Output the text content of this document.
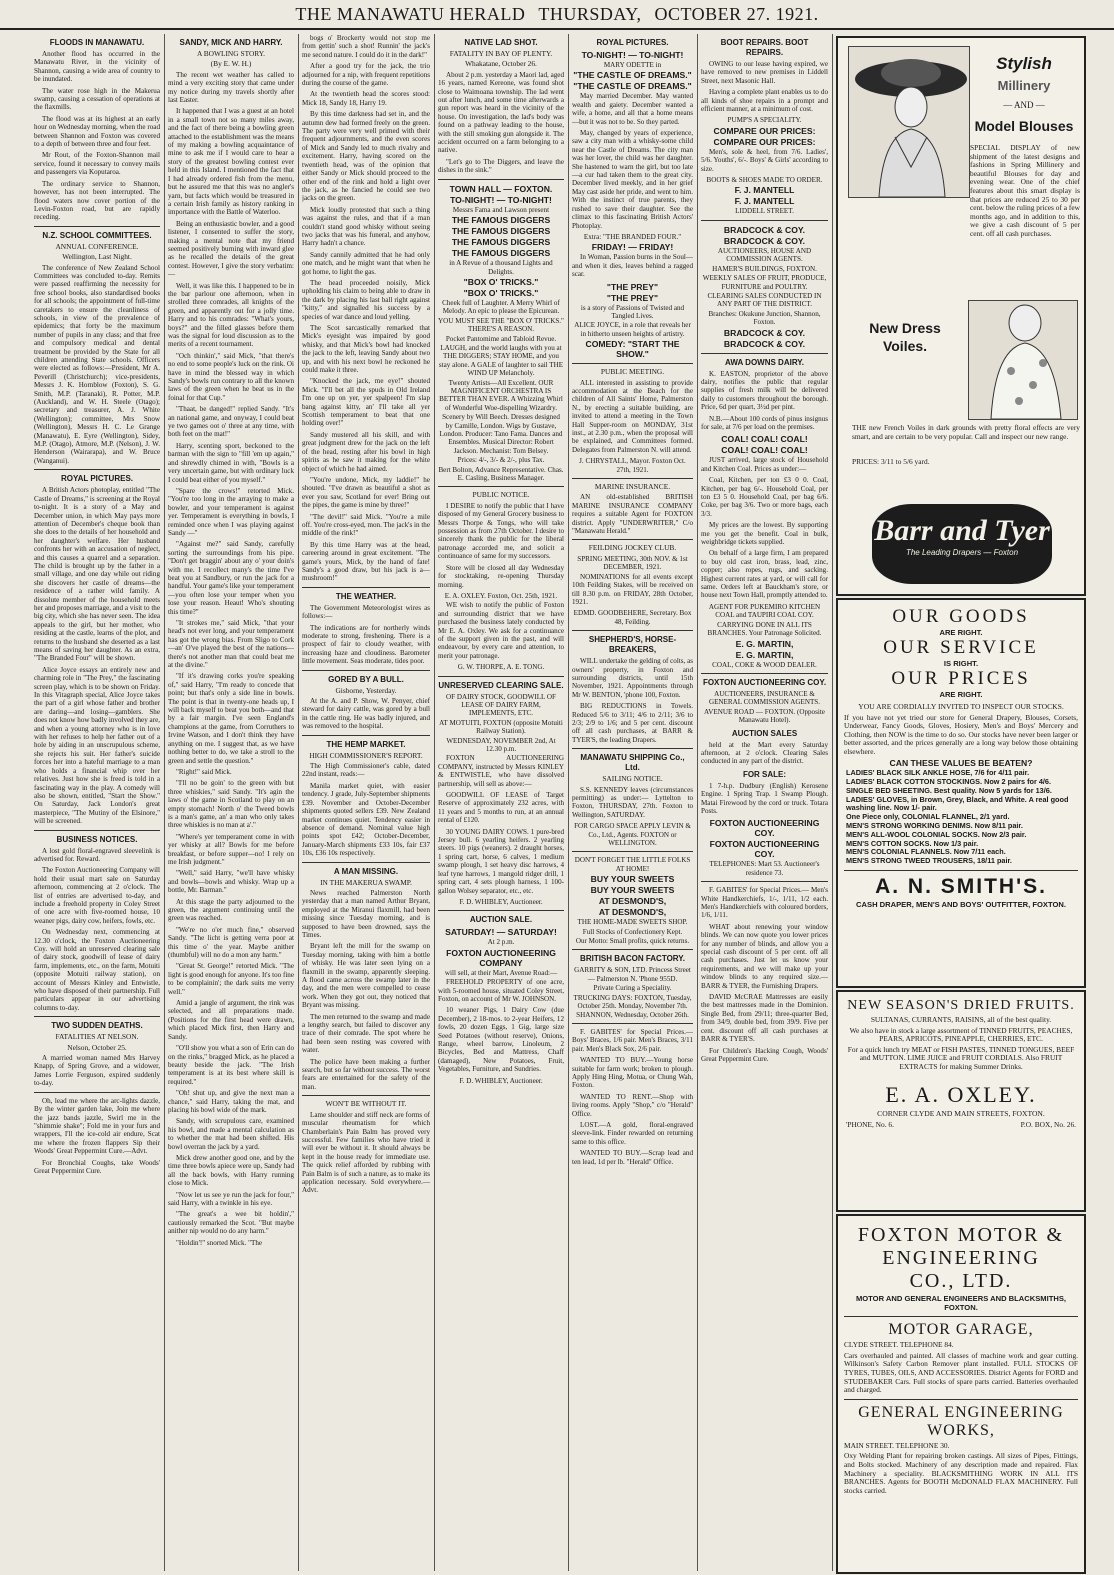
THE MANAWATU HERALD THURSDAY, OCTOBER 27. 1921.
FLOODS IN MANAWATU.

Another flood has occurred in the Manawatu River, in the vicinity of Shannon, causing a wide area of country to be inundated.

The water rose high in the Makerua swamp, causing a cessation of operations at the flaxmills.

The flood was at its highest at an early hour on Wednesday morning, when the road between Shannon and Foxton was covered to a depth of between three and four feet.

Mr Rout, of the Foxton-Shannon mail service, found it necessary to convey mails and passengers via Koputaroa.

The ordinary service to Shannon, however, has not been interrupted. The flood waters now cover portion of the Levin-Foxton road, but are rapidly receding.

N.Z. SCHOOL COMMITTEES.
ANNUAL CONFERENCE.
Wellington, Last Night.

The conference of New Zealand School Committees was concluded to-day. Remits were passed reaffirming the necessity for free school books, also standardised books for all schools; the appointment of full-time caretakers to ensure the cleanliness of schools, in view of the prevalence of epidemics; that forty be the maximum number of pupils in any class; and that free and compulsory medical and dental treatment be provided by the State for all children attending State schools. Officers were elected as follows:—President, Mr A. Peverill (Christchurch); vice-presidents, Messrs J. K. Hornblow (Foxton), S. G. Smith, M.P. (Taranaki), R. Potter, M.P. (Auckland), and W. H. Steele (Otago); secretary and treasurer, A. J. White (Wellington); committee, Mrs Snow (Wellington), Messrs H. C. Le Grange (Manawatu), E. Eyre (Wellington), Sidey, M.P. (Otago), Atmore, M.P. (Nelson), J. W. Henderson (Wairarapa), and W. Bruce (Wanganui).

ROYAL PICTURES.

A British Actors photoplay, entitled "The Castle of Dreams," is screening at the Royal to-night. It is a story of a May and December union, in which May pays more attention of December's cheque book than she does to the details of her household and her daughter's welfare. Her husband confronts her with an accusation of neglect, and this causes a quarrel and a separation. The child is brought up by the father in a small village, and one day while out riding she discovers her castle of dreams—the residence of a rather wild family. A dissolute member of the household meets her and proposes marriage, and a visit to the big city, which she has never seen. The idea appeals to the girl, but her mother, who residing at the castle, learns of the plot, and returns to the husband she deserted as a last means of saving her daughter. As an extra, "The Branded Four" will be shown.

Alice Joyce essays an entirely new and charming role in "The Prey," the fascinating screen play, which is to be shown on Friday. In this Vitagraph special, Alice Joyce takes the part of a girl whose father and brother are daring—and losing—gamblers. She does not know how badly involved they are, and when a young attorney who is in love with her refuses to help her father out of a hole by aiding in an unscrupulous scheme, she rejects his suit. Her father's suicide forces her into a hateful marriage to a man who holds a financial whip over her relatives. Just how she is freed is told in a fascinating way in the play. A comedy will also be shown, entitled, "Start the Show." On Saturday, Jack London's great masterpiece, "The Mutiny of the Elsinore," will be screened.

BUSINESS NOTICES.

A lost gold floral-engraved sleevelink is advertised for. Reward.

The Foxton Auctioneering Company will hold their usual mart sale on Saturday afternoon, commencing at 2 o'clock. The list of entries are advertised to-day, and include a freehold property in Coley Street of one acre with five-roomed house, 10 weaner pigs, dairy cow, heifers, fowls, etc.

On Wednesday next, commencing at 12.30 o'clock, the Foxton Auctioneering Coy. will hold an unreserved clearing sale of dairy stock, goodwill of lease of dairy farm, implements, etc., on the farm, Motuiti (opposite Motuiti railway station), on account of Messrs Kinley and Entwistle, who have disposed of their partnership. Full particulars appear in our advertising columns to-day.

TWO SUDDEN DEATHS.
FATALITIES AT NELSON.
Nelson, October 25.

A married woman named Mrs Harvey Knapp, of Spring Grove, and a widower, James Lorrie Ferguson, expired suddenly to-day.

Oh, lead me where the arc-lights dazzle, By the winter garden lake, Join me where the jazz bands jazzle, Swirl me in the "shimmie shake"; Fold me in your furs and wrappers, I'll the ice-cold air endure, Scat me where the frozen flappers Sip their Woods' Great Peppermint Cure.—Advt.

For Bronchial Coughs, take Woods' Great Peppermint Cure.

SANDY, MICK AND HARRY.
A BOWLING STORY.
(By E. W. H.)

The recent wet weather has called to mind a very exciting story that came under my notice during my travels shortly after last Easter.

It happened that I was a guest at an hotel in a small town not so many miles away, and the fact of there being a bowling green attached to the establishment was the means of my making a bowling acquaintance of mine to ask me if I would care to hear a story of the greatest bowling contest ever held in this Island. I mentioned the fact that I had already ordered fish from the menu, but he assured me that this was no angler's yarn, but facts which would be treasured in a certain Irish family as history ranking in importance with the Battle of Waterloo.

Being an enthusiastic bowler, and a good listener, I consented to suffer the story, making a mental note that my friend seemed positively burning with inward glee as he recalled the details of the great contest. However, I give the story verbatim:—

Well, it was like this. I happened to be in the bar parlour one afternoon, when in strolled three comrades, all knights of the green, and apparently out for a jolly time. Harry and to his comrades: "What's yours, boys?" and the filled glasses before them was the signal for loud discussion as to the merits of a recent tournament.

"Och thinkin'," said Mick, "that there's no end to some people's luck on the rink. Oi have in mind the blessed way in which Sandy's bowls run contrary to all the known laws of the green when he beat us in the foinal for that Cup."

"Thaat, be danged!" replied Sandy. "It's an national game, and onyway, I could beat ye two games oot o' three at any time, with both feet on the mat!"

Harry, scenting sport, beckoned to the barman with the sign to "fill 'em up again," and shrewdly chimed in with, "Bowls is a very uncertain game, but with ordinary luck I could beat either of you myself."

"Spare the crows!" retorted Mick. "You're too long in the arraying to make a bowler, and your temperament is against yer. Temperament is everything in bowls, I reminded once when I was playing against Sandy —"

"Against me?" said Sandy, carefully sorting the surroundings from his pipe. "Don't get braggin' about any o' your doin's with me. I recollect many's the time I've beat you at Sandbury, or run the jack for a handful. Your game's like your temperament—you often lose your temper when you lose your reason. Heaut! Who's shouting this time?"

"It strokes me," said Mick, "that your head's not ever long, and your temperament has got the wrong bias. From Sligo to Cork—an' O've played the best of the nations—there's not another man that could beat me at the divine."

"If it's drawing corks you're speaking of," said Harry, "I'm ready to concede that point; but that's only a side line in bowls. The point is that in twenty-one heads up, I will back myself to beat you both—and that by a fair margin. I've seen England's champions at the game, from Corruthers to Irvine Watson, and I don't think they have anything on me. I suggest that, as we have nothing better to do, we take a stroll to the green and settle the question."

"Right!" said Mick.

"I'll no be goin' to the green with but three whiskies," said Sandy. "It's agin the laws o' the game in Scotland to play on an empty stomach! North o' the Tweed bowls is a man's game, an' a man who only takes three whiskies is no man at a'."

"Where's yer temperament come in with yer whisky at all? Bowls for me before breakfast, or before supper—no! I rely on me Irish judgment."

"Well," said Harry, "we'll have whisky and bowls—bowls and whisky. Wrap up a bottle, Mr. Barman."

At this stage the party adjourned to the green, the argument continuing until the green was reached.

"We're no o'er much fine," observed Sandy. "The licht is getting verra poor at this time o' the year. Maybe anither (thumbful) will no do a mon any harm."

"Great St. George!" retorted Mick. "The light is good enough for anyone. It's too fine to be complainin'; the dark suits me verry well."

Amid a jangle of argument, the rink was selected, and all preparations made. (Positions for the first head were drawn, which placed Mick first, then Harry and Sandy.

"O'll show you what a son of Erin can do on the rinks," bragged Mick, as he placed a beauty beside the jack. "The Irish temperament is at its best where skill is required."

"Oh! shut up, and give the next man a chance," said Harry, taking the mat, and placing his bowl wide of the mark.

Sandy, with scrupulous care, examined his bowl, and made a mental calculation as to whether the mat had been shifted. His bowl overran the jack by a yard.

Mick drew another good one, and by the time three bowls apiece were up, Sandy had all the back bowls, with Harry running close to Mick.

"Now let us see ye run the jack for four," said Harry, with a twinkle in his eye.

"The great's a wee bit holdin'," cautiously remarked the Scot. "But maybe anither nip would no do any harm."

"Holdin'!" snorted Mick. "The

bogs o' Brockerty would not stop me from gettin' such a shot! Runnin' the jack's me second nature. I could do it in the dark!"

After a good try for the jack, the trio adjourned for a nip, with frequent repetitions during the course of the game.

At the twentieth head the scores stood: Mick 18, Sandy 18, Harry 19.

By this time darkness had set in, and the autumn dew had formed freely on the green. The party were very well primed with their frequent adjournments, and the even scores of Mick and Sandy led to much rivalry and excitement. Harry, having scored on the twentieth head, was of the opinion that either Sandy or Mick should proceed to the other end of the rink and hold a light over the jack, as he fancied he could see two jacks on the green.

Mick loudly protested that such a thing was against the rules, and that if a man couldn't stand good whisky without seeing two jacks that was his funeral, and anyhow, Harry hadn't a chance.

Sandy cannily admitted that he had only one match, and he might want that when he got home, to light the gas.

The head proceeded noisily, Mick upholding his claim to being able to draw in the dark by placing his last ball right against "kitty," and signalled his success by a species of war dance and loud yelling.

The Scot sarcastically remarked that Mick's eyesight was impaired by good whisky, and that Mick's bowl had knocked the jack to the left, leaving Sandy about two up, and with his next bowl he reckoned he could make it three.

"Knocked the jack, me eye!" shouted Mick. "I'll bet all the spuds in Old Ireland I'm one up on yer, yer spalpeen! I'm slap bang against kitty, an' I'll take all yer Scottish temperament to beat that one holding over!"

Sandy mustered all his skill, and with great judgment drew for the jack on the left of the head, resting after his bowl in high spirits as he saw it making for the white object of which he had aimed.

"You're undone, Mick, my laddie!" he shouted. "I've drawn as beautiful a shot as ever you saw, Scotland for ever! Bring out the pipes, the game is mine by three!"

"The devil!" said Mick. "You're a mile off. You're cross-eyed, mon. The jack's in the middle of the rink!"

By this time Harry was at the head, careering around in great excitement. "The game's yours, Mick, by the hand of fate! Sandy's a good draw, but his jack is a—mushroom!"

THE WEATHER.

The Government Meteorologist wires as follows:—

The indications are for northerly winds moderate to strong, freshening. There is a prospect of fair to cloudy weather, with increasing haze and cloudiness. Barometer little movement. Seas moderate, tides poor.

GORED BY A BULL.
Gisborne, Yesterday.

At the A. and P. Show, W. Penyer, chief steward for dairy cattle, was gored by a bull in the cattle ring. He was badly injured, and was removed to the hospital.

THE HEMP MARKET.
HIGH COMMISSIONER'S REPORT.

The High Commissioner's cable, dated 22nd instant, reads:—

Manila market quiet, with easier tendency. J grade, July-September shipments £39. November and October-December shipments quoted sellers £39. New Zealand market continues quiet. Tendency easier in absence of demand. Nominal value high points spot £42; October-December, January-March shipments £33 10s, fair £37 10s, £36 10s respectively.

A MAN MISSING.
IN THE MAKERUA SWAMP.

News reached Palmerston North yesterday that a man named Arthur Bryant, employed at the Miranui flaxmill, had been missing since Tuesday morning, and is supposed to have been drowned, says the Times.

Bryant left the mill for the swamp on Tuesday morning, taking with him a bottle of whisky. He was later seen lying on a flaxmill in the swamp, apparently sleeping. A flood came across the swamp later in the day, and the men were compelled to cease work. When they got out, they noticed that Bryant was missing.

The men returned to the swamp and made a lengthy search, but failed to discover any trace of their comrade. The spot where he had been seen resting was covered with water.

The police have been making a further search, but so far without success. The worst fears are entertained for the safety of the man.

WON'T BE WITHOUT IT.

Lame shoulder and stiff neck are forms of muscular rheumatism for which Chamberlain's Pain Balm has proved very successful. Few families who have tried it will ever be without it. It should always be kept in the house ready for immediate use. The quick relief afforded by rubbing with Pain Balm is of such a nature, as to make its application necessary. Sold everywhere.—Advt.

NATIVE LAD SHOT.
FATALITY IN BAY OF PLENTY.
Whakatane, October 26.

About 2 p.m. yesterday a Maori lad, aged 16 years, named Kereone, was found shot close to Waimoana township. The lad went out after lunch, and some time afterwards a gun report was heard in the vicinity of the house. On investigation, the lad's body was found on a pathway leading to the house, with the still smoking gun alongside it. The accident occurred on a farm belonging to a native.

"Let's go to The Diggers, and leave the dishes in the sink."

TOWN HALL — FOXTON.
TO-NIGHT! — TO-NIGHT!
Messrs Fama and Lawson present
THE FAMOUS DIGGERS
THE FAMOUS DIGGERS
THE FAMOUS DIGGERS
THE FAMOUS DIGGERS
in A Revue of a thousand Lights and Delights.
"BOX O' TRICKS."
"BOX O' TRICKS."
Cheek full of Laughter. A Merry Whirl of Melody. An epic to please the Epicurean.
YOU MUST SEE THE "BOX O' TRICKS." THERE'S A REASON.
Pocket Pantomime and Tabloid Revue.
LAUGH, and the world laughs with you at THE DIGGERS; STAY HOME, and you stay alone. A GALE of laughter to sail THE WIND UP Melancholy.
Twenty Artists—All Excellent. OUR MAGNIFICENT ORCHESTRA IS BETTER THAN EVER. A Whizzing Whirl of Wonderful Woe-dispelling Wizardry.
Scenery by Will Beech. Dresses designed by Camille, London. Wigs by Gustave, London. Producer: Tano Fama. Dances and Ensembles. Musical Director: Robert Jackson. Mechanist: Tom Belsey.
Prices: 4/-, 3/- & 2/-, plus Tax.
Bert Bolton, Advance Representative. Chas. E. Casling, Business Manager.
PUBLIC NOTICE.

I DESIRE to notify the public that I have disposed of my General Grocery business to Messrs Thorpe & Tongs, who will take possession as from 27th October. I desire to sincerely thank the public for the liberal patronage accorded me, and solicit a continuance of same for my successors.

Store will be closed all day Wednesday for stocktaking, re-opening Thursday morning.

E. A. OXLEY. Foxton, Oct. 25th, 1921.

WE wish to notify the public of Foxton and surrounding district that we have purchased the business lately conducted by Mr E. A. Oxley. We ask for a continuance of the support given in the past, and will endeavour, by every care and attention, to merit your patronage.

G. W. THORPE, A. E. TONG.
UNRESERVED CLEARING SALE.
OF DAIRY STOCK, GOODWILL OF LEASE OF DAIRY FARM, IMPLEMENTS, ETC.
AT MOTUITI, FOXTON (opposite Motuiti Railway Station).
WEDNESDAY, NOVEMBER 2nd, At 12.30 p.m.

FOXTON AUCTIONEERING COMPANY, instructed by Messrs KINLEY & ENTWISTLE, who have dissolved partnership, will sell as above:—

GOODWILL OF LEASE of Target Reserve of approximately 232 acres, with 11 years and 5 months to run, at an annual rental of £120.

30 YOUNG DAIRY COWS. 1 pure-bred Jersey bull. 6 yearling heifers. 2 yearling steers. 10 pigs (weaners). 2 draught horses, 1 spring cart, horse, 6 calves, 1 medium swamp plough, 1 set heavy disc harrows, 4 leaf tyne harrows, 1 mangold ridger drill, 1 spring cart, 4 sets plough harness, 1 100-gallon Wolsey separator, etc., etc.

F. D. WHIBLEY, Auctioneer.
AUCTION SALE.
SATURDAY! — SATURDAY!
At 2 p.m.
FOXTON AUCTIONEERING COMPANY
will sell, at their Mart, Avenue Road:—

FREEHOLD PROPERTY of one acre, with 5-roomed house, situated Coley Street, Foxton, on account of Mr W. JOHNSON.

10 weaner Pigs, 1 Dairy Cow (due December), 2 18-mos. to 2-year Heifers, 12 fowls, 20 dozen Eggs, 1 Gig, large size Seed Potatoes (without reserve), Onions, Range, wheel barrow, Linoleum, 2 Bicycles, Bed and Mattress, Chaff (damaged), New Potatoes, Fruit, Vegetables, Furniture, and Sundries.

F. D. WHIBLEY, Auctioneer.
ROYAL PICTURES.
TO-NIGHT! — TO-NIGHT!
MARY ODETTE in
"THE CASTLE OF DREAMS."
"THE CASTLE OF DREAMS."

May married December. May wanted wealth and gaiety. December wanted a wife, a home, and all that a home means—but it was not to be. So they parted.

May, changed by years of experience, saw a city man with a whisky-some child near the Castle of Dreams. The city man was her lover, the child was her daughter. She hastened to warn the girl, but too late—a cur had taken them to the great city. December lived meekly, and in her grief May cast aside her pride, and went to him. With the instinct of true parents, they rushed to save their daughter. See the climax to this fascinating British Actors' Photoplay.

Extra: "THE BRANDED FOUR."
FRIDAY! — FRIDAY!

In Woman, Passion burns in the Soul—and when it dies, leaves behind a ragged scar.

"THE PREY"
"THE PREY"
is a story of Passions of Twisted and Tangled Lives.
ALICE JOYCE, in a role that reveals her in hitherto unseen heights of artistry.
COMEDY: "START THE SHOW."
PUBLIC MEETING.

ALL interested in assisting to provide accommodation at the Beach for the children of All Saints' Home, Palmerston N., by erecting a suitable building, are invited to attend a meeting in the Town Hall Supper-room on MONDAY, 31st inst., at 2.30 p.m., when the proposal will be explained, and Committees formed. Delegates from Palmerston N. will attend.

J. CHRYSTALL, Mayor. Foxton Oct. 27th, 1921.
MARINE INSURANCE.

AN old-established BRITISH MARINE INSURANCE COMPANY requires a suitable Agent for FOXTON district. Apply "UNDERWRITER," C/o "Manawatu Herald."

FEILDING JOCKEY CLUB.
SPRING MEETING, 30th NOV. & 1st DECEMBER, 1921.

NOMINATIONS for all events except 10th Feilding Stakes, will be received on till 8.30 p.m. on FRIDAY, 28th October, 1921.

EDMD. GOODBEHERE, Secretary. Box 48, Feilding.
SHEPHERD'S, HORSE-BREAKERS,

WILL undertake the gelding of colts, as owners' property, in Foxton and surrounding districts, until 15th November, 1921. Appointments through Mr W. BENTON, 'phone 100, Foxton.

BIG REDUCTIONS in Towels. Reduced 5/6 to 3/11; 4/6 to 2/11; 3/6 to 2/3; 2/9 to 1/6; and 5 per cent. discount off all cash purchases, at BARR & TYER'S, the leading Drapers.

MANAWATU SHIPPING Co., Ltd.
SAILING NOTICE.

S.S. KENNEDY leaves (circumstances permitting) as under:— Lyttelton to Foxton, THURSDAY, 27th. Foxton to Wellington, SATURDAY.

FOR CARGO SPACE APPLY LEVIN & Co., Ltd., Agents. FOXTON or WELLINGTON.
DON'T FORGET THE LITTLE FOLKS AT HOME!
BUY YOUR SWEETS
BUY YOUR SWEETS
AT DESMOND'S,
AT DESMOND'S,
THE HOME-MADE SWEETS SHOP.
Full Stocks of Confectionery Kept.
Our Motto: Small profits, quick returns.
BRITISH BACON FACTORY.
GARRITY & SON, LTD. Princess Street — Palmerston N. 'Phone 955D.
Private Curing a Speciality.
TRUCKING DAYS: FOXTON, Tuesday, October 25th. Monday, November 7th. SHANNON, Wednesday, October 26th.

F. GABITES' for Special Prices.— Boys' Braces, 1/6 pair. Men's Braces, 3/11 pair. Men's Black Sox, 2/6 pair.

WANTED TO BUY.—Young horse suitable for farm work; broken to plough. Apply Hing Hing, Motua, or Chung Wah, Foxton.

WANTED TO RENT.—Shop with living rooms. Apply "Shop," c/o "Herald" Office.

LOST.—A gold, floral-engraved sleeve-link. Finder rewarded on returning same to this office.

WANTED TO BUY.—Scrap lead and ten lead, 1d per lb. "Herald" Office.

BOOT REPAIRS. BOOT REPAIRS.

OWING to our lease having expired, we have removed to new premises in Liddell Street, next Masonic Hall.

Having a complete plant enables us to do all kinds of shoe repairs in a prompt and efficient manner, at a minimum of cost.

PUMP'S A SPECIALITY.
COMPARE OUR PRICES:
COMPARE OUR PRICES:

Men's, sole & heel, from 7/6. Ladies', 5/6. Youths', 6/-. Boys' & Girls' according to size.

BOOTS & SHOES MADE TO ORDER.
F. J. MANTELL
F. J. MANTELL
LIDDELL STREET.
BRADCOCK & COY.
BRADCOCK & COY.
AUCTIONEERS, HOUSE AND COMMISSION AGENTS.
HAMER'S BUILDINGS, FOXTON.
WEEKLY SALES OF FRUIT, PRODUCE, FURNITURE and POULTRY.
CLEARING SALES CONDUCTED IN ANY PART OF THE DISTRICT.
Branches: Okukune Junction, Shannon, Foxton.
BRADCOCK & COY.
BRADCOCK & COY.
AWA DOWNS DAIRY.

K. EASTON, proprietor of the above dairy, notifies the public that regular supplies of fresh milk will be delivered daily to customers throughout the borough. Price, 6d per quart, 3½d per pint.

N.B.—About 100 cords of pinus insignus for sale, at 7/6 per load on the premises.

COAL! COAL! COAL!
COAL! COAL! COAL!

JUST arrived, large stock of Household and Kitchen Coal. Prices as under:—

Coal, Kitchen, per ton £3 0 0. Coal, Kitchen, per bag 6/-. Household Coal, per ton £3 5 0. Household Coal, per bag 6/6. Coke, per bag 3/6. Two or more bags, each 3/3.

My prices are the lowest. By supporting me you get the benefit. Coal in bulk, weighbridge tickets supplied.

On behalf of a large firm, I am prepared to buy old cast iron, brass, lead, zinc, copper; also ropes, rugs, and sacking. Highest current rates at yard, or will call for same. Orders left at Bauckham's store, or house next Town Hall, promptly attended to.

AGENT FOR PUKEMIRO KITCHEN COAL and TAUPIRI COAL COY.
CARRYING DONE IN ALL ITS BRANCHES. Your Patronage Solicited.
E. G. MARTIN,
E. G. MARTIN,
COAL, COKE & WOOD DEALER.
FOXTON AUCTIONEERING COY.
AUCTIONEERS, INSURANCE & GENERAL COMMISSION AGENTS.
AVENUE ROAD — FOXTON. (Opposite Manawatu Hotel).
AUCTION SALES

held at the Mart every Saturday afternoon, at 2 o'clock. Clearing Sales conducted in any part of the district.

FOR SALE:

1 7-h.p. Dudbury (English) Kerosene Engine. 1 Spring Trap. 1 Swamp Plough. Matai Firewood by the cord or truck. Totara Posts.

FOXTON AUCTIONEERING COY.
FOXTON AUCTIONEERING COY.
TELEPHONES: Mart 53. Auctioneer's residence 73.

F. GABITES' for Special Prices.— Men's White Handkerchiefs, 1/-, 1/11, 1/2 each. Men's Handkerchiefs with coloured borders, 1/6, 1/11.

WHAT about renewing your window blinds. We can now quote you lower prices for any number of blinds, and allow you a special cash discount of 5 per cent. off all cash purchases. Just let us know your requirements, and we will make up your window blinds to any required size.—BARR & TYER, the Furnishing Drapers.

DAVID McCRAE Mattresses are easily the best mattresses made in the Dominion. Single Bed, from 29/11; three-quarter Bed, from 34/9, double bed, from 39/9. Five per cent. discount off all cash purchases at BARR & TYER'S.

For Children's Hacking Cough, Woods' Great Peppermint Cure.

Stylish
Millinery
— AND —
Model Blouses

SPECIAL DISPLAY of new shipment of the latest designs and fashions in Spring Millinery and beautiful Blouses for day and evening wear. One of the chief features about this smart display is that prices are reduced 25 to 30 per cent. below the ruling prices of a few months ago, and in addition to this, we give a cash discount of 5 per cent. off all cash purchases.

New Dress
Voiles.

THE new French Voiles in dark grounds with pretty floral effects are very smart, and are certain to be very popular. Call and inspect our new range.

PRICES: 3/11 to 5/6 yard.

Barr and Tyer
The Leading Drapers — Foxton
OUR GOODS
ARE RIGHT.
OUR SERVICE
IS RIGHT.
OUR PRICES
ARE RIGHT.

YOU ARE CORDIALLY INVITED TO INSPECT OUR STOCKS.

If you have not yet tried our store for General Drapery, Blouses, Corsets, Underwear, Fancy Goods, Gloves, Hosiery, Men's and Boys' Mercery and Clothing, then NOW is the time to do so. Our stocks have never been larger or better assorted, and the prices generally are a long way below those obtaining elsewhere.

CAN THESE VALUES BE BEATEN?

LADIES' BLACK SILK ANKLE HOSE, 7/6 for 4/11 pair.
LADIES' BLACK COTTON STOCKINGS. Now 2 pairs for 4/6.
SINGLE BED SHEETING. Best quality. Now 5 yards for 13/6.
LADIES' GLOVES, in Brown, Grey, Black, and White. A real good washing line. Now 1/- pair.
One Piece only, COLONIAL FLANNEL, 2/1 yard.
MEN'S STRONG WORKING DENIMS. Now 8/11 pair.
MEN'S ALL-WOOL COLONIAL SOCKS. Now 2/3 pair.
MEN'S COTTON SOCKS. Now 1/3 pair.
MEN'S COLONIAL FLANNELS. Now 7/11 each.
MEN'S STRONG TWEED TROUSERS, 18/11 pair.
A. N. SMITH'S.

CASH DRAPER, MEN'S AND BOYS' OUTFITTER, FOXTON.

NEW SEASON'S DRIED FRUITS.

SULTANAS, CURRANTS, RAISINS, all of the best quality.

We also have in stock a large assortment of TINNED FRUITS, PEACHES, PEARS, APRICOTS, PINEAPPLE, CHERRIES, ETC.

For a quick lunch try MEAT or FISH PASTES, TINNED TONGUES, BEEF and MUTTON. LIME JUICE and FRUIT CORDIALS. Also FRUIT EXTRACTS for making Summer Drinks.

E. A. OXLEY.

CORNER CLYDE AND MAIN STREETS, FOXTON.

'PHONE, No. 6.	P.O. BOX, No. 26.
FOXTON MOTOR &
ENGINEERING
CO., LTD.

MOTOR AND GENERAL ENGINEERS AND BLACKSMITHS, FOXTON.

MOTOR GARAGE,

CLYDE STREET. TELEPHONE 84.

Cars overhauled and painted. All classes of machine work and gear cutting. Wilkinson's Safety Carbon Remover plant installed. FULL STOCKS OF TYRES, TUBES, OILS, AND ACCESSORIES. District Agents for FORD and STUDEBAKER Cars. Full stocks of spare parts carried. Batteries overhauled and charged.

GENERAL ENGINEERING WORKS,

MAIN STREET. TELEPHONE 30.

Oxy Welding Plant for repairing broken castings. All sizes of Pipes, Fittings, and Bolts stocked. Machinery of any description made and repaired. Flax Machinery a speciality. BLACKSMITHING WORK IN ALL ITS BRANCHES. Agents for BOOTH McDONALD FLAX MACHINERY. Full stocks carried.
